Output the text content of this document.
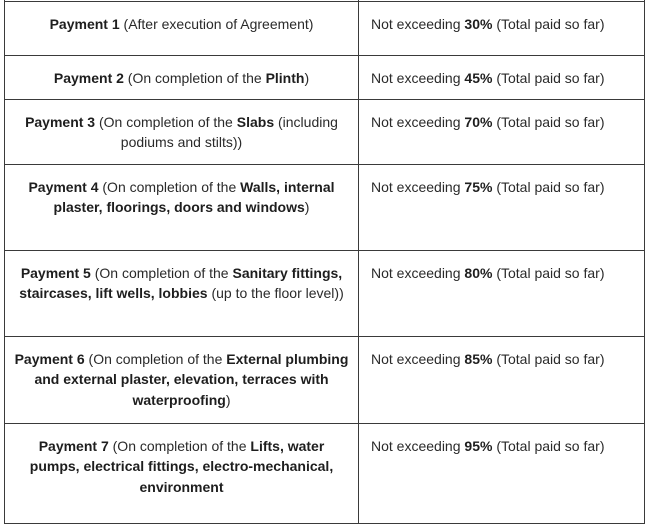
Payment 1 (After execution of Agreement)	Not exceeding 30% (Total paid so far)
Payment 2 (On completion of the Plinth)	Not exceeding 45% (Total paid so far)
Payment 3 (On completion of the Slabs (including podiums and stilts))	Not exceeding 70% (Total paid so far)
Payment 4 (On completion of the Walls, internal plaster, floorings, doors and windows)	Not exceeding 75% (Total paid so far)
Payment 5 (On completion of the Sanitary fittings, staircases, lift wells, lobbies (up to the floor level))	Not exceeding 80% (Total paid so far)
Payment 6 (On completion of the External plumbing and external plaster, elevation, terraces with waterproofing)	Not exceeding 85% (Total paid so far)
Payment 7 (On completion of the Lifts, water pumps, electrical fittings, electro-mechanical, environment	Not exceeding 95% (Total paid so far)
